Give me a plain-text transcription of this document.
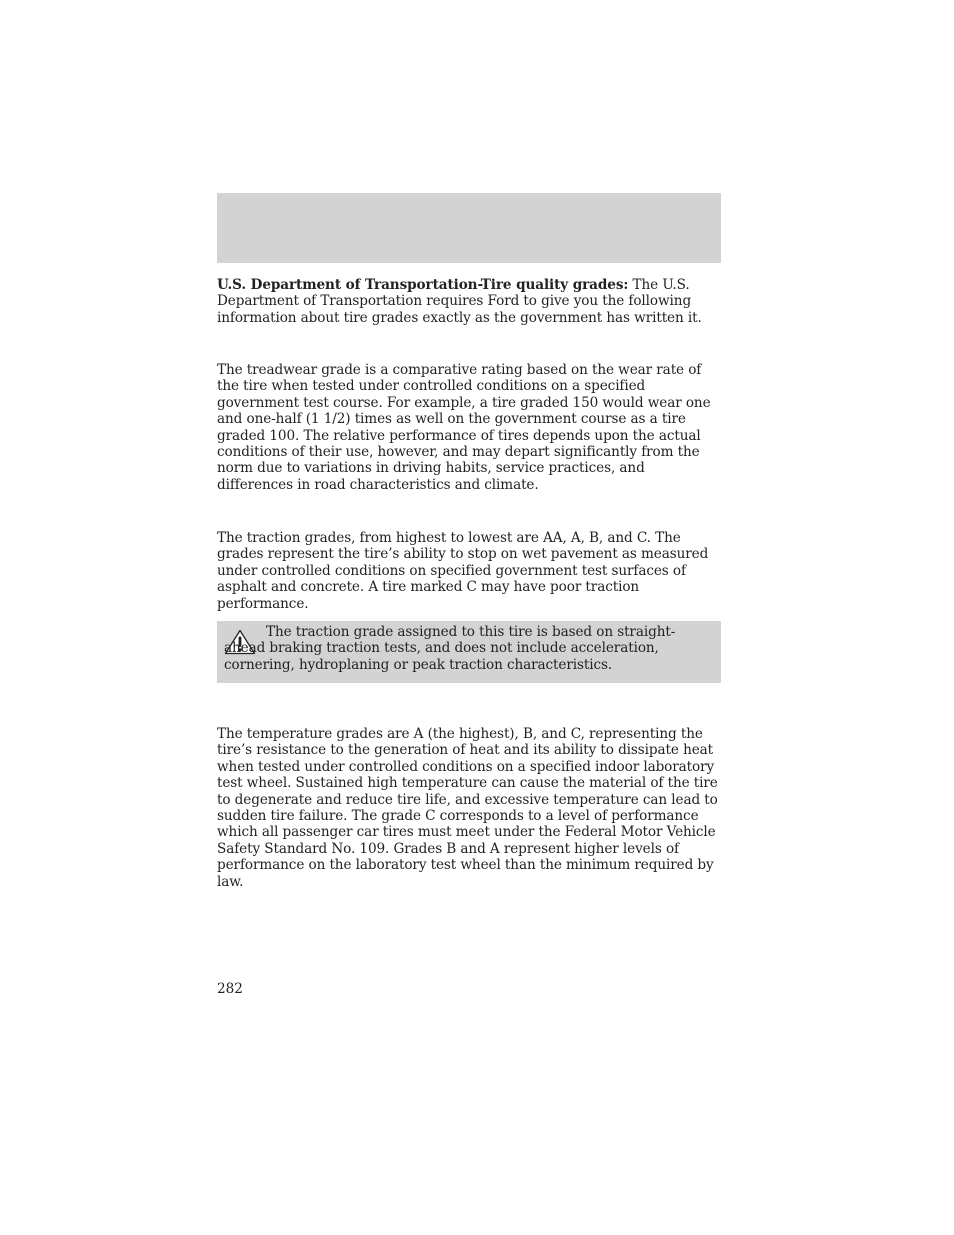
U.S. Department of Transportation-Tire quality grades: The U.S. Department of Transportation requires Ford to give you the following information about tire grades exactly as the government has written it.

The treadwear grade is a comparative rating based on the wear rate of the tire when tested under controlled conditions on a specified government test course. For example, a tire graded 150 would wear one and one-half (1 1/2) times as well on the government course as a tire graded 100. The relative performance of tires depends upon the actual conditions of their use, however, and may depart significantly from the norm due to variations in driving habits, service practices, and differences in road characteristics and climate.

The traction grades, from highest to lowest are AA, A, B, and C. The grades represent the tire’s ability to stop on wet pavement as measured under controlled conditions on specified government test surfaces of asphalt and concrete. A tire marked C may have poor traction performance.

The traction grade assigned to this tire is based on straight-ahead braking traction tests, and does not include acceleration, cornering, hydroplaning or peak traction characteristics.

The temperature grades are A (the highest), B, and C, representing the tire’s resistance to the generation of heat and its ability to dissipate heat when tested under controlled conditions on a specified indoor laboratory test wheel. Sustained high temperature can cause the material of the tire to degenerate and reduce tire life, and excessive temperature can lead to sudden tire failure. The grade C corresponds to a level of performance which all passenger car tires must meet under the Federal Motor Vehicle Safety Standard No. 109. Grades B and A represent higher levels of performance on the laboratory test wheel than the minimum required by law.

282
